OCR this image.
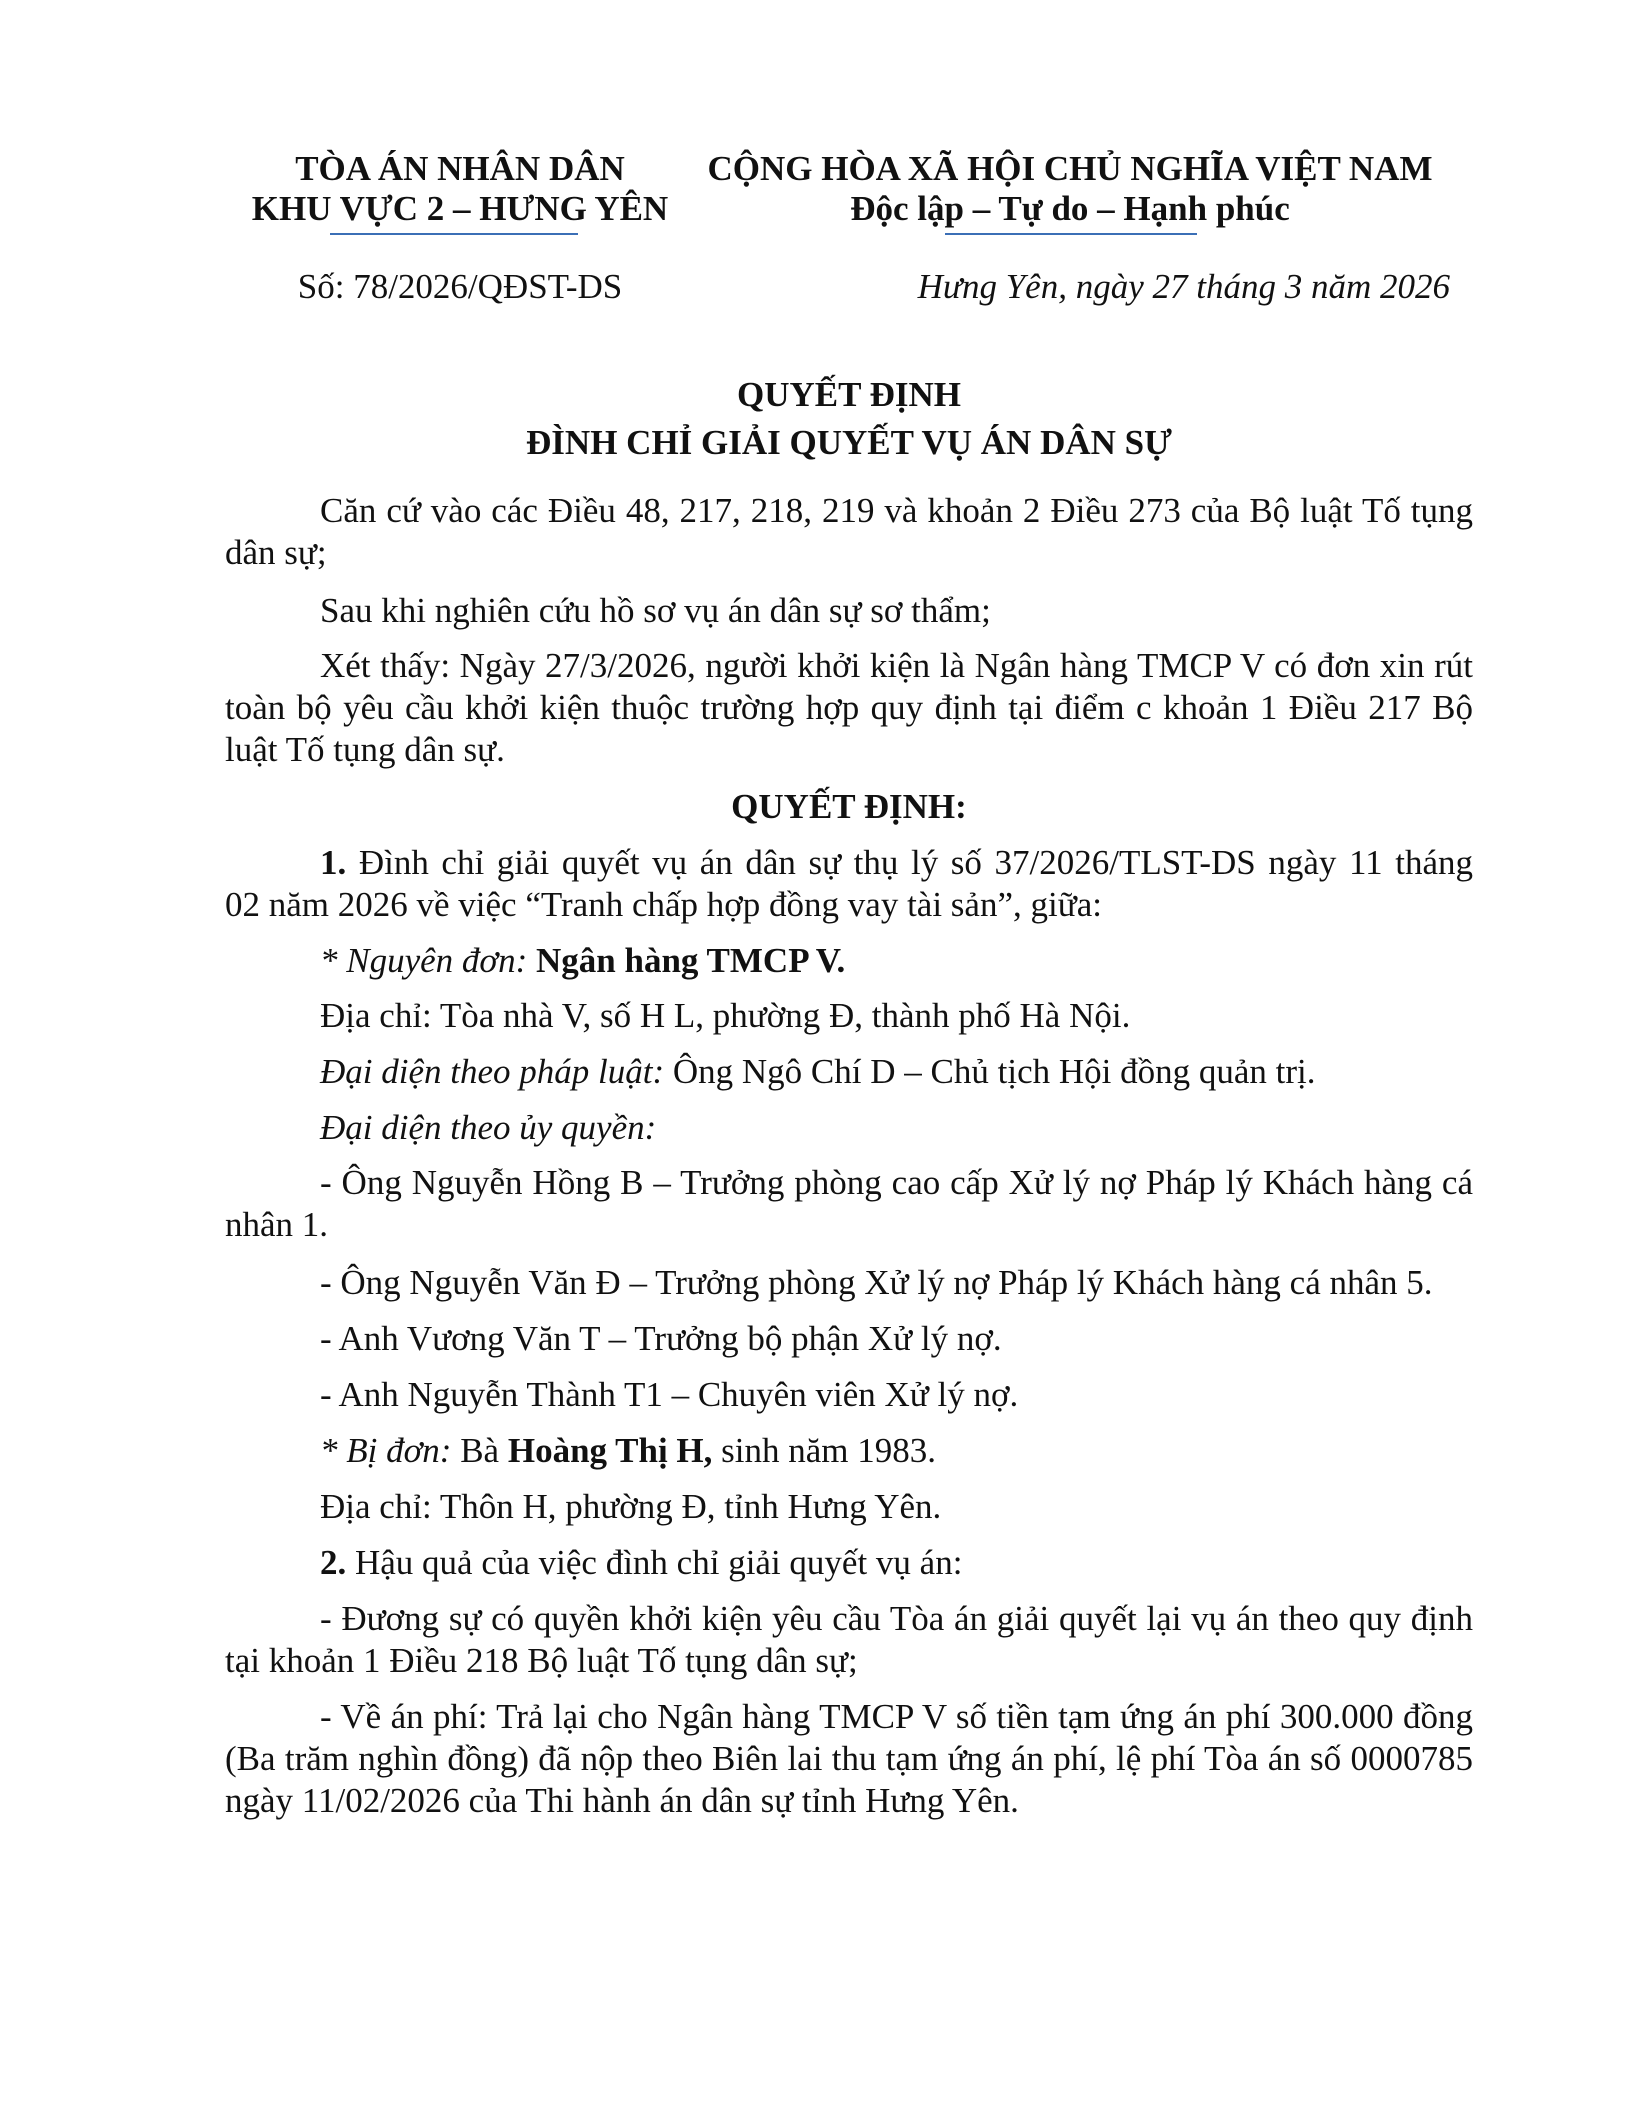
TÒA ÁN NHÂN DÂN
KHU VỰC 2 – HƯNG YÊN
CỘNG HÒA XÃ HỘI CHỦ NGHĨA VIỆT NAM
Độc lập – Tự do – Hạnh phúc
Số: 78/2026/QĐST-DS	Hưng Yên, ngày 27 tháng 3 năm 2026
QUYẾT ĐỊNH
ĐÌNH CHỈ GIẢI QUYẾT VỤ ÁN DÂN SỰ
Căn cứ vào các Điều 48, 217, 218, 219 và khoản 2 Điều 273 của Bộ luật Tố tụng
dân sự;
Sau khi nghiên cứu hồ sơ vụ án dân sự sơ thẩm;
Xét thấy: Ngày 27/3/2026, người khởi kiện là Ngân hàng TMCP V có đơn xin rút
toàn bộ yêu cầu khởi kiện thuộc trường hợp quy định tại điểm c khoản 1 Điều 217 Bộ
luật Tố tụng dân sự.
QUYẾT ĐỊNH:
1. Đình chỉ giải quyết vụ án dân sự thụ lý số 37/2026/TLST-DS ngày 11 tháng
02 năm 2026 về việc “Tranh chấp hợp đồng vay tài sản”, giữa:
* Nguyên đơn: Ngân hàng TMCP V.
Địa chỉ: Tòa nhà V, số H L, phường Đ, thành phố Hà Nội.
Đại diện theo pháp luật: Ông Ngô Chí D – Chủ tịch Hội đồng quản trị.
Đại diện theo ủy quyền:
- Ông Nguyễn Hồng B – Trưởng phòng cao cấp Xử lý nợ Pháp lý Khách hàng cá
nhân 1.
- Ông Nguyễn Văn Đ – Trưởng phòng Xử lý nợ Pháp lý Khách hàng cá nhân 5.
- Anh Vương Văn T – Trưởng bộ phận Xử lý nợ.
- Anh Nguyễn Thành T1 – Chuyên viên Xử lý nợ.
* Bị đơn: Bà Hoàng Thị H, sinh năm 1983.
Địa chỉ: Thôn H, phường Đ, tỉnh Hưng Yên.
2. Hậu quả của việc đình chỉ giải quyết vụ án:
- Đương sự có quyền khởi kiện yêu cầu Tòa án giải quyết lại vụ án theo quy định
tại khoản 1 Điều 218 Bộ luật Tố tụng dân sự;
- Về án phí: Trả lại cho Ngân hàng TMCP V số tiền tạm ứng án phí 300.000 đồng
(Ba trăm nghìn đồng) đã nộp theo Biên lai thu tạm ứng án phí, lệ phí Tòa án số 0000785
ngày 11/02/2026 của Thi hành án dân sự tỉnh Hưng Yên.
